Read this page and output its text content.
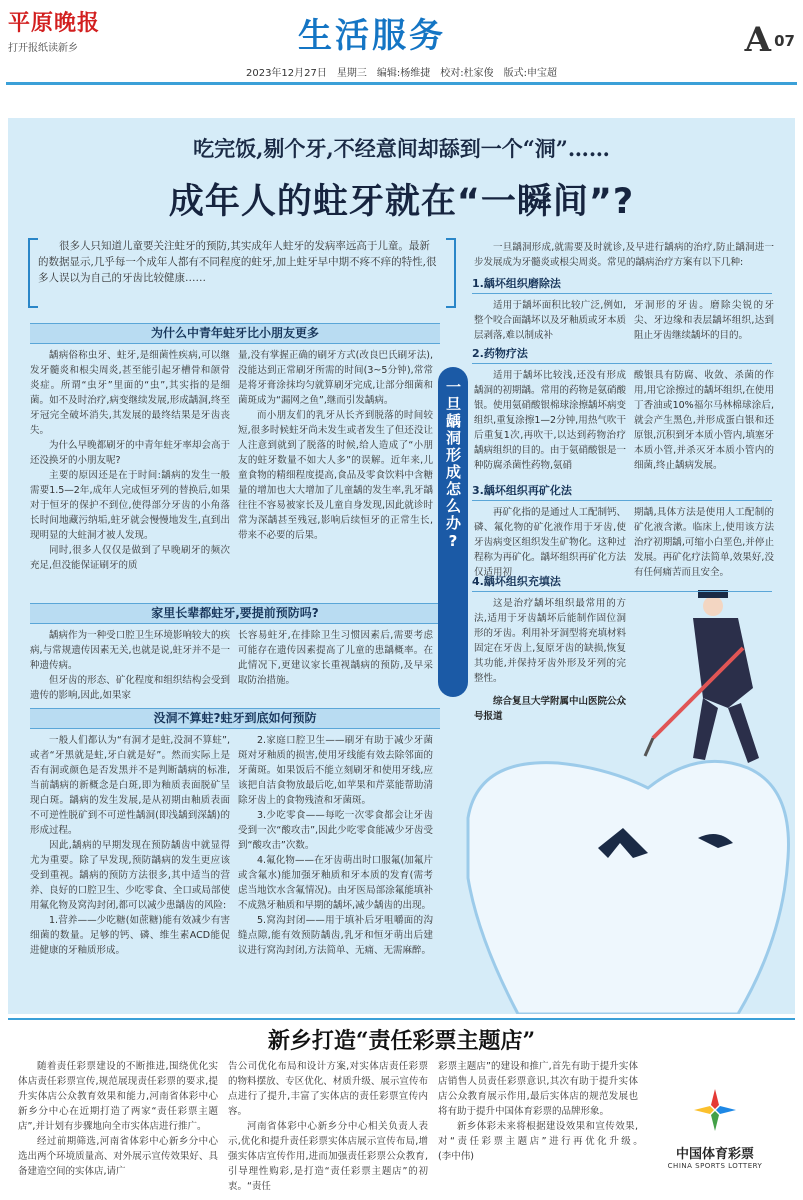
平原晚报
打开报纸读新乡	生活服务	A 07
2023年12月27日　星期三　编辑:杨维捷　校对:杜家俊　版式:申宝超
吃完饭,剔个牙,不经意间却舔到一个“洞”……
成年人的蛀牙就在“一瞬间”?
很多人只知道儿童要关注蛀牙的预防,其实成年人蛀牙的发病率远高于儿童。最新的数据显示,几乎每一个成年人都有不同程度的蛀牙,加上蛀牙早中期不疼不痒的特性,很多人误以为自己的牙齿比较健康……
为什么中青年蛀牙比小朋友更多

龋病俗称虫牙、蛀牙,是细菌性疾病,可以继发牙髓炎和根尖周炎,甚至能引起牙槽骨和颌骨炎症。所谓“虫牙”里面的“虫”,其实指的是细菌。如不及时治疗,病变继续发展,形成龋洞,终至牙冠完全破坏消失,其发展的最终结果是牙齿丧失。

为什么早晚都刷牙的中青年蛀牙率却会高于还没换牙的小朋友呢?

主要的原因还是在于时间:龋病的发生一般需要1.5—2年,成年人完成恒牙列的替换后,如果对于恒牙的保护不到位,使得部分牙齿的小角落长时间地藏污纳垢,蛀牙就会慢慢地发生,直到出现明显的大蛀洞才被人发现。

同时,很多人仅仅是做到了早晚刷牙的频次充足,但没能保证刷牙的质

量,没有掌握正确的刷牙方式(改良巴氏刷牙法),没能达到正常刷牙所需的时间(3~5分钟),常常是将牙膏涂抹均匀就算刷牙完成,让部分细菌和菌斑成为“漏网之鱼”,继而引发龋病。

而小朋友们的乳牙从长齐到脱落的时间较短,很多时候蛀牙尚未发生或者发生了但还没让人注意到就到了脱落的时候,给人造成了“小朋友的蛀牙数量不如大人多”的误解。近年来,儿童食物的精细程度提高,食品及零食饮料中含糖量的增加也大大增加了儿童龋的发生率,乳牙龋往往不容易被家长及儿童自身发现,因此就诊时常为深龋甚至残冠,影响后续恒牙的正常生长,带来不必要的后果。

家里长辈都蛀牙,要提前预防吗?

龋病作为一种受口腔卫生环境影响较大的疾病,与常规遗传因素无关,也就是说,蛀牙并不是一种遗传病。

但牙齿的形态、矿化程度和组织结构会受到遗传的影响,因此,如果家

长容易蛀牙,在排除卫生习惯因素后,需要考虑可能存在遗传因素提高了儿童的患龋概率。在此情况下,更建议家长重视龋病的预防,及早采取防治措施。

没洞不算蛀?蛀牙到底如何预防

一般人们都认为“有洞才是蛀,没洞不算蛀”,或者“牙黑就是蛀,牙白就是好”。然而实际上是否有洞或颜色是否发黑并不是判断龋病的标准,当前龋病的新概念是白斑,即为釉质表面脱矿呈现白斑。龋病的发生发展,是从初期由釉质表面不可逆性脱矿到不可逆性龋洞(即浅龋到深龋)的形成过程。

因此,龋病的早期发现在预防龋齿中就显得尤为重要。除了早发现,预防龋病的发生更应该受到重视。龋病的预防方法很多,其中适当的营养、良好的口腔卫生、少吃零食、全口或局部使用氟化物及窝沟封闭,都可以减少患龋齿的风险:

1.营养——少吃糖(如蔗糖)能有效减少有害细菌的数量。足够的钙、磷、维生素ACD能促进健康的牙釉质形成。

2.家庭口腔卫生——刷牙有助于减少牙菌斑对牙釉质的损害,使用牙线能有效去除邻面的牙菌斑。如果饭后不能立刻刷牙和使用牙线,应该把自洁食物放最后吃,如苹果和芹菜能帮助清除牙齿上的食物残渣和牙菌斑。

3.少吃零食——每吃一次零食都会让牙齿受到一次“酸攻击”,因此少吃零食能减少牙齿受到“酸攻击”次数。

4.氟化物——在牙齿萌出时口服氟(加氟片或含氟水)能加强牙釉质和牙本质的发育(需考虑当地饮水含氟情况)。由牙医局部涂氟能填补不成熟牙釉质和早期的龋坏,减少龋齿的出现。

5.窝沟封闭——用于填补后牙咀嚼面的沟缝点隙,能有效预防龋齿,乳牙和恒牙萌出后建议进行窝沟封闭,方法简单、无痛、无需麻醉。

一旦龋洞形成怎么办?

一旦龋洞形成,就需要及时就诊,及早进行龋病的治疗,防止龋洞进一步发展成为牙髓炎或根尖周炎。常见的龋病治疗方案有以下几种:

1.龋坏组织磨除法

适用于龋坏面积比较广泛,例如,整个咬合面龋坏以及牙釉质或牙本质层剥落,难以制成补

牙洞形的牙齿。磨除尖锐的牙尖、牙边缘和表层龋坏组织,达到阻止牙齿继续龋坏的目的。

2.药物疗法

适用于龋坏比较浅,还没有形成龋洞的初期龋。常用的药物是氨硝酸银。使用氨硝酸银棉球涂擦龋坏病变组织,重复涂擦1—2分钟,用热气吹干后重复1次,再吹干,以达到药物治疗龋病组织的目的。由于氨硝酸银是一种防腐杀菌性药物,氨硝

酸银具有防腐、收敛、杀菌的作用,用它涂擦过的龋坏组织,在使用丁香油或10%福尔马林棉球涂后,就会产生黑色,并形成蛋白银和还原银,沉积到牙本质小管内,填塞牙本质小管,并杀灭牙本质小管内的细菌,终止龋病发展。

3.龋坏组织再矿化法

再矿化指的是通过人工配制钙、磷、氟化物的矿化液作用于牙齿,使牙齿病变区组织发生矿物化。这种过程称为再矿化。龋坏组织再矿化方法仅适用初

期龋,具体方法是使用人工配制的矿化液含漱。临床上,使用该方法治疗初期龋,可缩小白垩色,并停止发展。再矿化疗法简单,效果好,没有任何痛苦而且安全。

4.龋坏组织充填法

这是治疗龋坏组织最常用的方法,适用于牙齿龋坏后能制作固位洞形的牙齿。利用补牙洞型将充填材料固定在牙齿上,复原牙齿的缺损,恢复其功能,并保持牙齿外形及牙列的完整性。

综合复旦大学附属中山医院公众号报道

新乡打造“责任彩票主题店”

随着责任彩票建设的不断推进,围绕优化实体店责任彩票宣传,规范展现责任彩票的要求,提升实体店公众教育效果和能力,河南省体彩中心新乡分中心在近期打造了两家“责任彩票主题店”,并计划有步骤地向全市实体店进行推广。

经过前期筛选,河南省体彩中心新乡分中心选出两个环境质量高、对外展示宣传效果好、具备建造空间的实体店,请广

告公司优化布局和设计方案,对实体店责任彩票的物料摆放、专区优化、材质升级、展示宣传布点进行了提升,丰富了实体店的责任彩票宣传内容。

河南省体彩中心新乡分中心相关负责人表示,优化和提升责任彩票实体店展示宣传布局,增强实体店宣传作用,进而加强责任彩票公众教育,引导理性购彩,是打造“责任彩票主题店”的初衷。“责任

彩票主题店”的建设和推广,首先有助于提升实体店销售人员责任彩票意识,其次有助于提升实体店公众教育展示作用,最后实体店的规范发展也将有助于提升中国体育彩票的品牌形象。

新乡体彩未来将根据建设效果和宣传效果,对“责任彩票主题店”进行再优化升级。　　　　　(李中伟)	中国体育彩票
CHINA SPORTS LOTTERY
